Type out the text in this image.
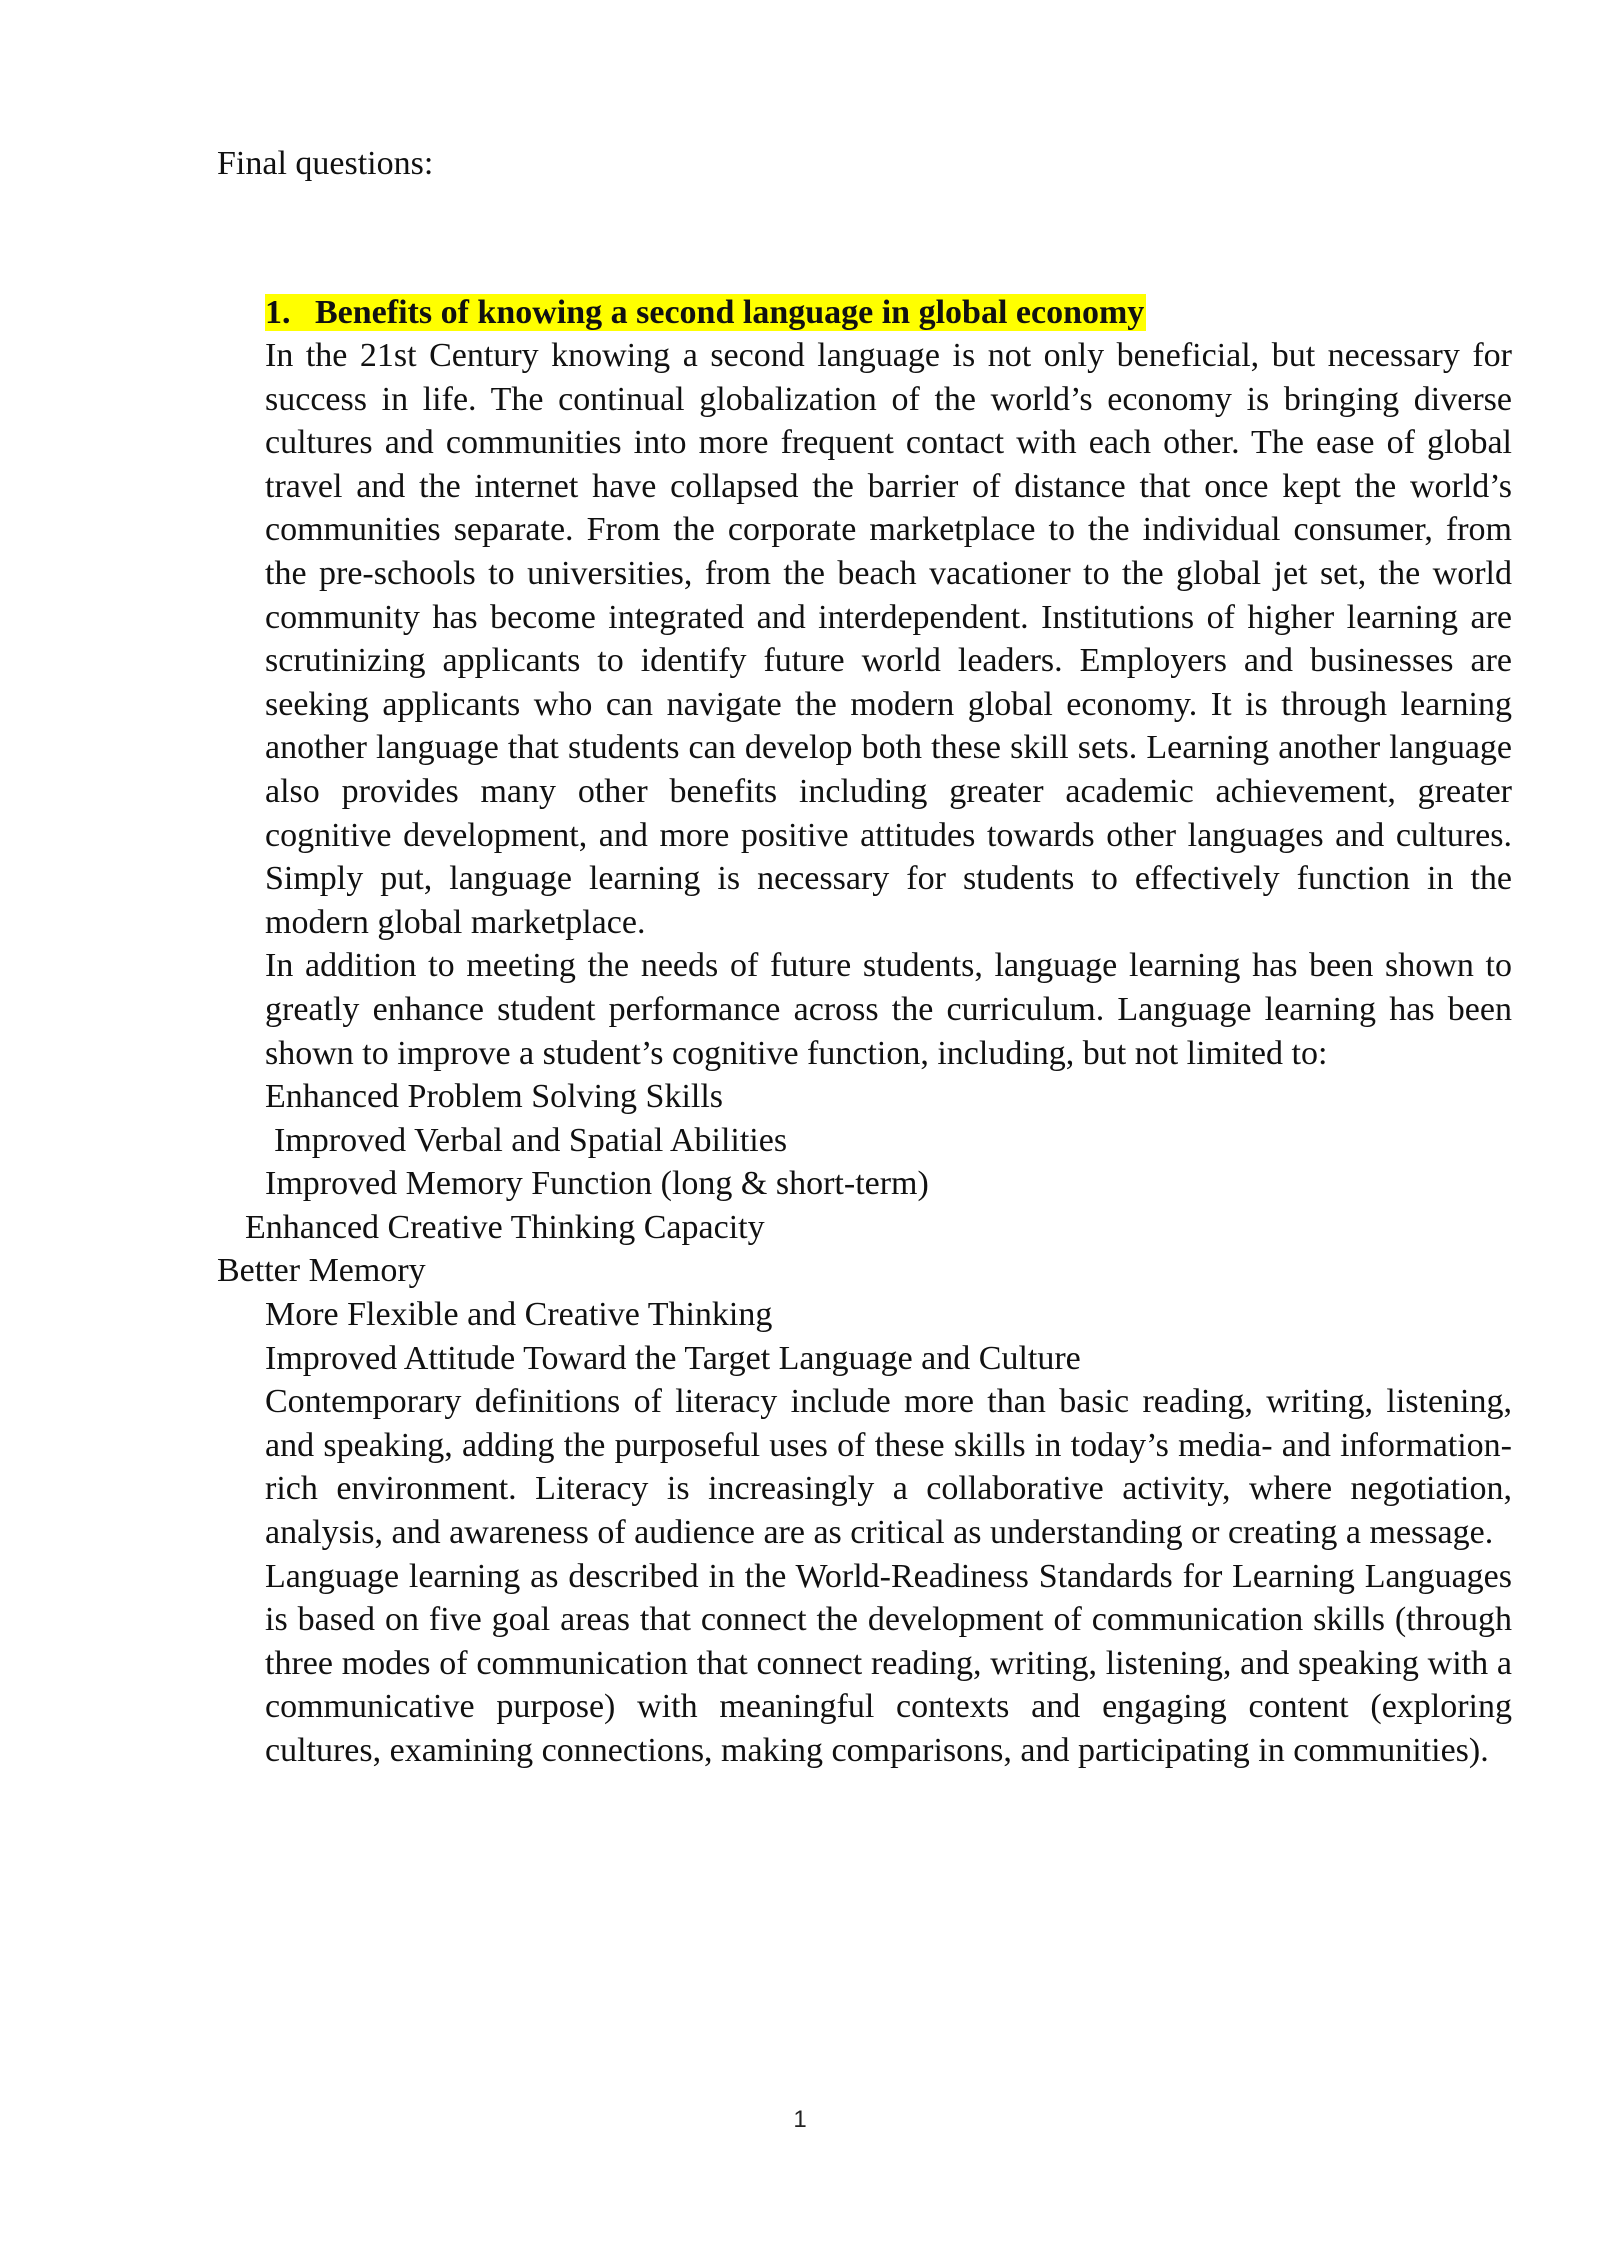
Final questions:

1. Benefits of knowing a second language in global economy

In the 21st Century knowing a second language is not only beneficial, but necessary for success in life. The continual globalization of the world’s economy is bringing diverse cultures and communities into more frequent contact with each other. The ease of global travel and the internet have collapsed the barrier of distance that once kept the world’s communities separate. From the corporate marketplace to the individual consumer, from the pre-schools to universities, from the beach vacationer to the global jet set, the world community has become integrated and interdependent. Institutions of higher learning are scrutinizing applicants to identify future world leaders. Employers and businesses are seeking applicants who can navigate the modern global economy. It is through learning another language that students can develop both these skill sets. Learning another language also provides many other benefits including greater academic achievement, greater cognitive development, and more positive attitudes towards other languages and cultures. Simply put, language learning is necessary for students to effectively function in the modern global marketplace.

In addition to meeting the needs of future students, language learning has been shown to greatly enhance student performance across the curriculum. Language learning has been shown to improve a student’s cognitive function, including, but not limited to:

Enhanced Problem Solving Skills

Improved Verbal and Spatial Abilities

Improved Memory Function (long & short-term)

Enhanced Creative Thinking Capacity

Better Memory

More Flexible and Creative Thinking

Improved Attitude Toward the Target Language and Culture

Contemporary definitions of literacy include more than basic reading, writing, listening, and speaking, adding the purposeful uses of these skills in today’s media- and information-rich environment. Literacy is increasingly a collaborative activity, where negotiation, analysis, and awareness of audience are as critical as understanding or creating a message.

Language learning as described in the World-Readiness Standards for Learning Languages is based on five goal areas that connect the development of communication skills (through three modes of communication that connect reading, writing, listening, and speaking with a communicative purpose) with meaningful contexts and engaging content (exploring cultures, examining connections, making comparisons, and participating in communities).

1
